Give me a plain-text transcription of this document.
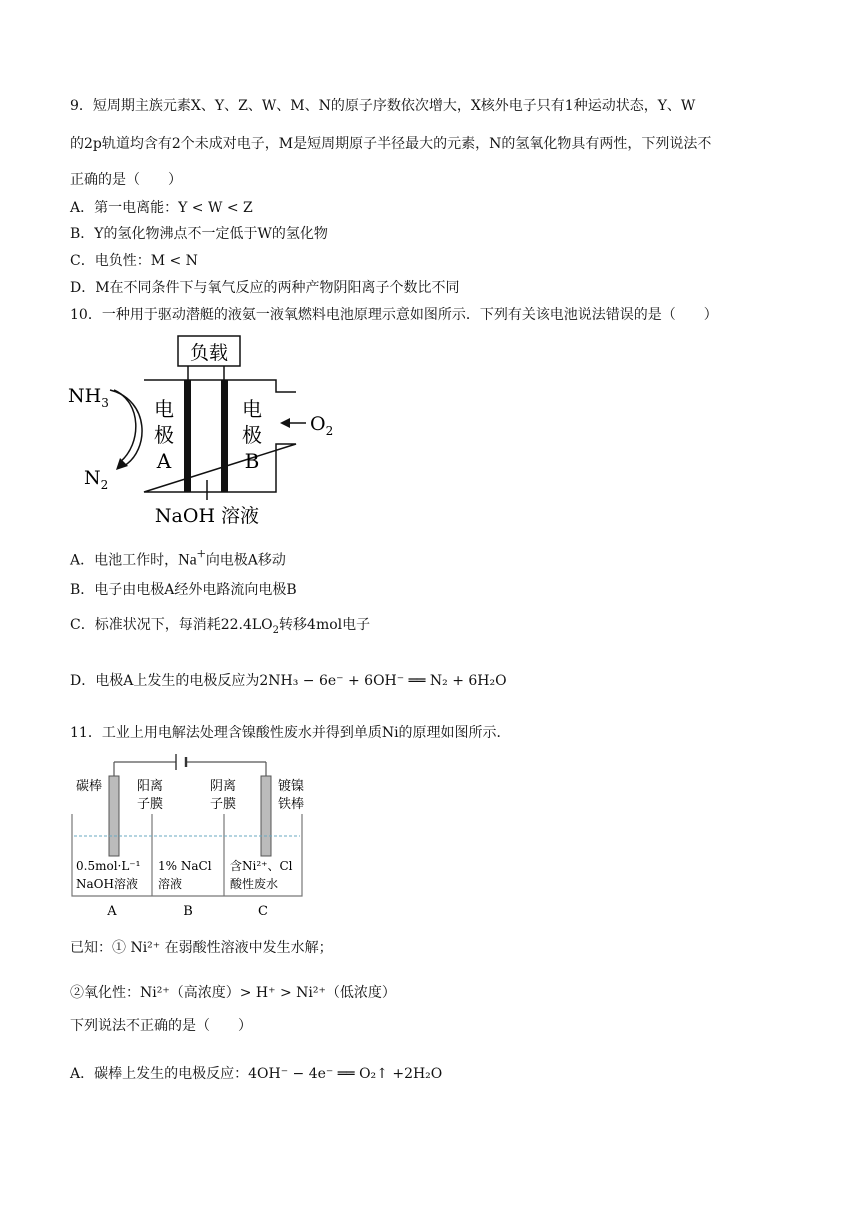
9．短周期主族元素X、Y、Z、W、M、N的原子序数依次增大，X核外电子只有1种运动状态，Y、W
的2p轨道均含有2个未成对电子，M是短周期原子半径最大的元素，N的氢氧化物具有两性，下列说法不
正确的是（　　）
A．第一电离能：Y < W < Z
B．Y的氢化物沸点不一定低于W的氢化物
C．电负性：M < N
D．M在不同条件下与氧气反应的两种产物阴阳离子个数比不同
10．一种用于驱动潜艇的液氨一液氧燃料电池原理示意如图所示．下列有关该电池说法错误的是（　　）
负载
电
极
A
电
极
B
$NH_3$
$N_2$
$O_2$
NaOH 溶液
A．电池工作时，Na+向电极A移动
B．电子由电极A经外电路流向电极B
C．标准状况下，每消耗$22.4LO_2$转移4mol电子
D．电极A上发生的电极反应为2NH₃ − 6e⁻ + 6OH⁻ ══ N₂ + 6H₂O
11．工业上用电解法处理含镍酸性废水并得到单质Ni的原理如图所示．
碳棒	阳离
子膜
阴离
子膜
镀镍
铁棒
0.5mol·L⁻¹
NaOH溶液
1% NaCl
溶液
含Ni²⁺、Cl
酸性废水
A	B	C
已知：① Ni²⁺ 在弱酸性溶液中发生水解；
②氧化性：Ni²⁺（高浓度）> H⁺ > Ni²⁺（低浓度）
下列说法不正确的是（　　）
A．碳棒上发生的电极反应：4OH⁻ − 4e⁻ ══ O₂↑ +2H₂O
